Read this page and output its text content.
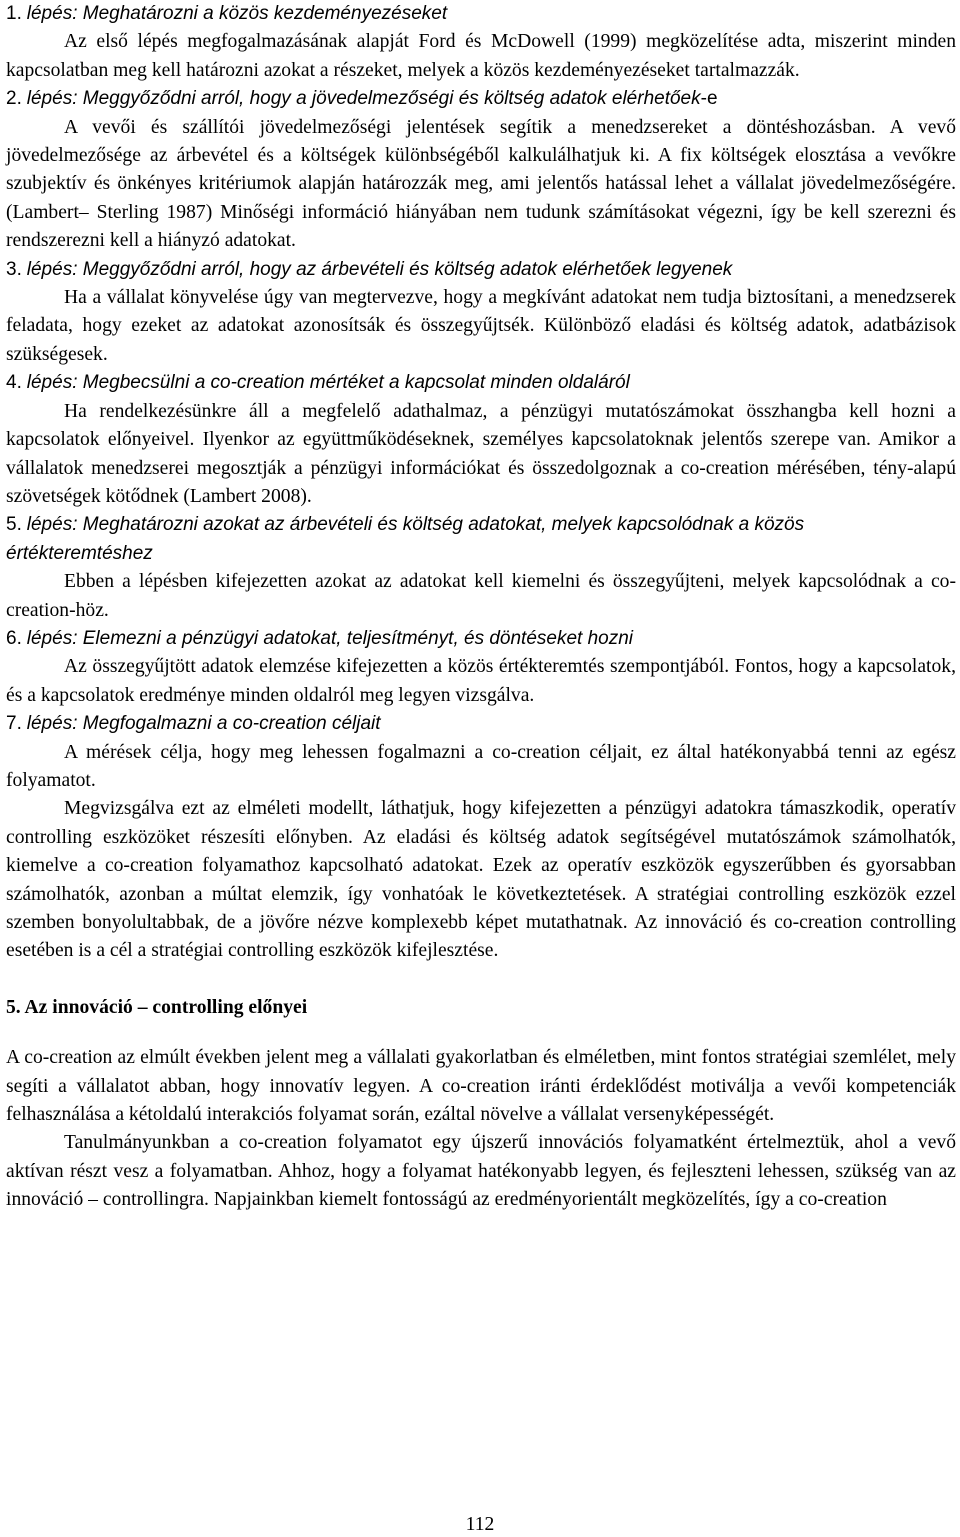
1. lépés: Meghatározni a közös kezdeményezéseket

Az első lépés megfogalmazásának alapját Ford és McDowell (1999) megközelítése adta, miszerint minden kapcsolatban meg kell határozni azokat a részeket, melyek a közös kezdeményezéseket tartalmazzák.

2. lépés: Meggyőződni arról, hogy a jövedelmezőségi és költség adatok elérhetőek-e

A vevői és szállítói jövedelmezőségi jelentések segítik a menedzsereket a döntéshozásban. A vevő jövedelmezősége az árbevétel és a költségek különbségéből kalkulálhatjuk ki. A fix költségek elosztása a vevőkre szubjektív és önkényes kritériumok alapján határozzák meg, ami jelentős hatással lehet a vállalat jövedelmezőségére. (Lambert– Sterling 1987) Minőségi információ hiányában nem tudunk számításokat végezni, így be kell szerezni és rendszerezni kell a hiányzó adatokat.

3. lépés: Meggyőződni arról, hogy az árbevételi és költség adatok elérhetőek legyenek

Ha a vállalat könyvelése úgy van megtervezve, hogy a megkívánt adatokat nem tudja biztosítani, a menedzserek feladata, hogy ezeket az adatokat azonosítsák és összegyűjtsék. Különböző eladási és költség adatok, adatbázisok szükségesek.

4. lépés: Megbecsülni a co-creation mértéket a kapcsolat minden oldaláról

Ha rendelkezésünkre áll a megfelelő adathalmaz, a pénzügyi mutatószámokat összhangba kell hozni a kapcsolatok előnyeivel. Ilyenkor az együttműködéseknek, személyes kapcsolatoknak jelentős szerepe van. Amikor a vállalatok menedzserei megosztják a pénzügyi információkat és összedolgoznak a co-creation mérésében, tény-alapú szövetségek kötődnek (Lambert 2008).

5. lépés: Meghatározni azokat az árbevételi és költség adatokat, melyek kapcsolódnak a közös értékteremtéshez

Ebben a lépésben kifejezetten azokat az adatokat kell kiemelni és összegyűjteni, melyek kapcsolódnak a co-creation-höz.

6. lépés: Elemezni a pénzügyi adatokat, teljesítményt, és döntéseket hozni

Az összegyűjtött adatok elemzése kifejezetten a közös értékteremtés szempontjából. Fontos, hogy a kapcsolatok, és a kapcsolatok eredménye minden oldalról meg legyen vizsgálva.

7. lépés: Megfogalmazni a co-creation céljait

A mérések célja, hogy meg lehessen fogalmazni a co-creation céljait, ez által hatékonyabbá tenni az egész folyamatot.

Megvizsgálva ezt az elméleti modellt, láthatjuk, hogy kifejezetten a pénzügyi adatokra támaszkodik, operatív controlling eszközöket részesíti előnyben. Az eladási és költség adatok segítségével mutatószámok számolhatók, kiemelve a co-creation folyamathoz kapcsolható adatokat. Ezek az operatív eszközök egyszerűbben és gyorsabban számolhatók, azonban a múltat elemzik, így vonhatóak le következtetések. A stratégiai controlling eszközök ezzel szemben bonyolultabbak, de a jövőre nézve komplexebb képet mutathatnak. Az innováció és co-creation controlling esetében is a cél a stratégiai controlling eszközök kifejlesztése.

5. Az innováció – controlling előnyei

A co-creation az elmúlt években jelent meg a vállalati gyakorlatban és elméletben, mint fontos stratégiai szemlélet, mely segíti a vállalatot abban, hogy innovatív legyen. A co-creation iránti érdeklődést motiválja a vevői kompetenciák felhasználása a kétoldalú interakciós folyamat során, ezáltal növelve a vállalat versenyképességét.

Tanulmányunkban a co-creation folyamatot egy újszerű innovációs folyamatként értelmeztük, ahol a vevő aktívan részt vesz a folyamatban. Ahhoz, hogy a folyamat hatékonyabb legyen, és fejleszteni lehessen, szükség van az innováció – controllingra. Napjainkban kiemelt fontosságú az eredményorientált megközelítés, így a co-creation

112
